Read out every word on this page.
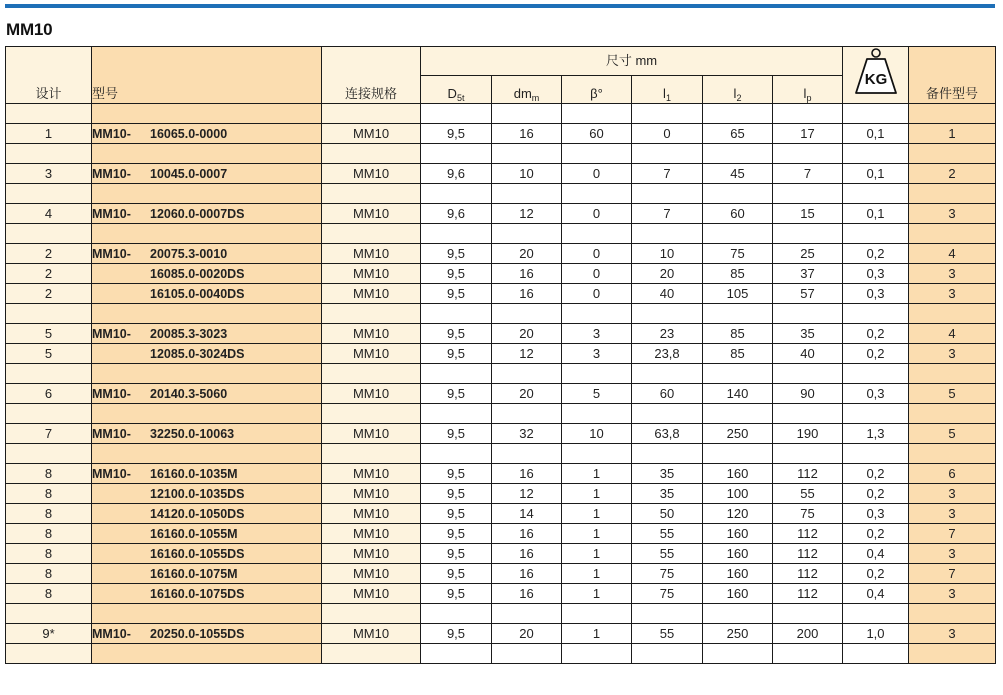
MM10
设计	型号	连接规格	尺寸 mm						KG	备件型号
			$D_{5t}$	$dm_m$	β°	$l_1$	$l_2$	$l_p$

1	MM10- 16065.0-0000	MM10	9,5	16	60	0	65	17	0,1	1

3	MM10- 10045.0-0007	MM10	9,6	10	0	7	45	7	0,1	2

4	MM10- 12060.0-0007DS	MM10	9,6	12	0	7	60	15	0,1	3

2	MM10- 20075.3-0010	MM10	9,5	20	0	10	75	25	0,2	4
2	16085.0-0020DS	MM10	9,5	16	0	20	85	37	0,3	3
2	16105.0-0040DS	MM10	9,5	16	0	40	105	57	0,3	3

5	MM10- 20085.3-3023	MM10	9,5	20	3	23	85	35	0,2	4
5	12085.0-3024DS	MM10	9,5	12	3	23,8	85	40	0,2	3

6	MM10- 20140.3-5060	MM10	9,5	20	5	60	140	90	0,3	5

7	MM10- 32250.0-10063	MM10	9,5	32	10	63,8	250	190	1,3	5

8	MM10- 16160.0-1035M	MM10	9,5	16	1	35	160	112	0,2	6
8	12100.0-1035DS	MM10	9,5	12	1	35	100	55	0,2	3
8	14120.0-1050DS	MM10	9,5	14	1	50	120	75	0,3	3
8	16160.0-1055M	MM10	9,5	16	1	55	160	112	0,2	7
8	16160.0-1055DS	MM10	9,5	16	1	55	160	112	0,4	3
8	16160.0-1075M	MM10	9,5	16	1	75	160	112	0,2	7
8	16160.0-1075DS	MM10	9,5	16	1	75	160	112	0,4	3

9*	MM10- 20250.0-1055DS	MM10	9,5	20	1	55	250	200	1,0	3
